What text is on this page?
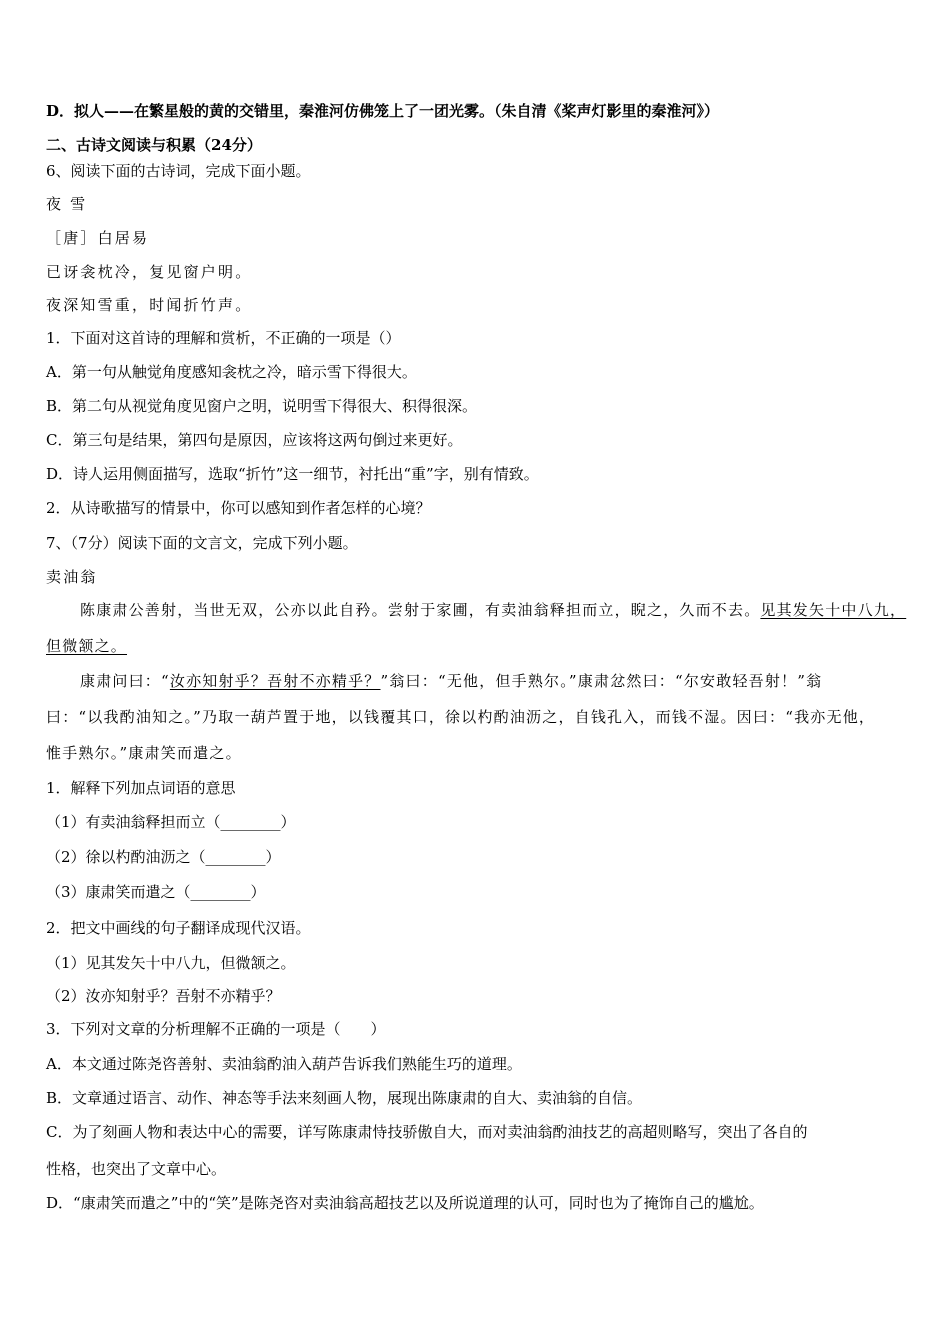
D．拟人——在繁星般的黄的交错里，秦淮河仿佛笼上了一团光雾。（朱自清《桨声灯影里的秦淮河》）
二、古诗文阅读与积累（24分）
6、阅读下面的古诗词，完成下面小题。
夜 雪
［唐］白居易
已讶衾枕冷，复见窗户明。
夜深知雪重，时闻折竹声。
1．下面对这首诗的理解和赏析，不正确的一项是（）
A．第一句从触觉角度感知衾枕之冷，暗示雪下得很大。
B．第二句从视觉角度见窗户之明，说明雪下得很大、积得很深。
C．第三句是结果，第四句是原因，应该将这两句倒过来更好。
D．诗人运用侧面描写，选取“折竹”这一细节，衬托出“重”字，别有情致。
2．从诗歌描写的情景中，你可以感知到作者怎样的心境？
7、（7分）阅读下面的文言文，完成下列小题。
卖油翁
陈康肃公善射，当世无双，公亦以此自矜。尝射于家圃，有卖油翁释担而立，睨之，久而不去。见其发矢十中八九，
但微颔之。
康肃问曰：“汝亦知射乎？吾射不亦精乎？”翁曰：“无他，但手熟尔。”康肃忿然曰：“尔安敢轻吾射！”翁
曰：“以我酌油知之。”乃取一葫芦置于地，以钱覆其口，徐以杓酌油沥之，自钱孔入，而钱不湿。因曰：“我亦无他，
惟手熟尔。”康肃笑而遣之。
1．解释下列加点词语的意思
（1）有卖油翁释担而立（________）
（2）徐以杓酌油沥之（________）
（3）康肃笑而遣之（________）
2．把文中画线的句子翻译成现代汉语。
（1）见其发矢十中八九，但微颔之。
（2）汝亦知射乎？吾射不亦精乎？
3．下列对文章的分析理解不正确的一项是（　　）
A．本文通过陈尧咨善射、卖油翁酌油入葫芦告诉我们熟能生巧的道理。
B．文章通过语言、动作、神态等手法来刻画人物，展现出陈康肃的自大、卖油翁的自信。
C．为了刻画人物和表达中心的需要，详写陈康肃恃技骄傲自大，而对卖油翁酌油技艺的高超则略写，突出了各自的
性格，也突出了文章中心。
D．“康肃笑而遣之”中的“笑”是陈尧咨对卖油翁高超技艺以及所说道理的认可，同时也为了掩饰自己的尴尬。
